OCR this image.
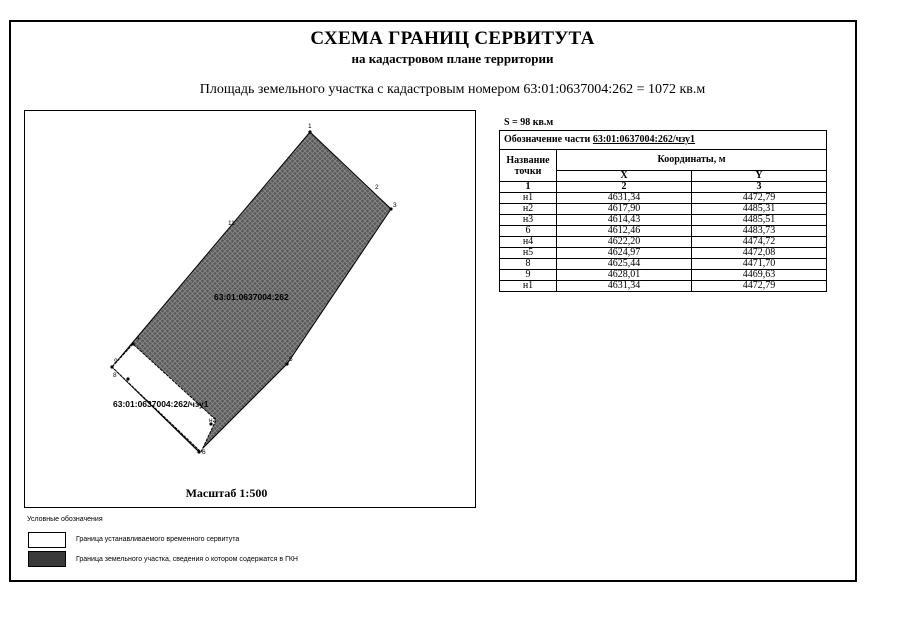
СХЕМА ГРАНИЦ СЕРВИТУТА
на кадастровом плане территории
Площадь земельного участка с кадастровым номером 63:01:0637004:262 = 1072 кв.м
1
2
3
11
4
5
9
8
н2
6
63:01:0637004:262
63:01:0637004:262/чзу1
Масштаб 1:500
S = 98 кв.м
Обозначение части 63:01:0637004:262/чзу1		
Название точки	Координаты, м	
	X	Y
1	2	3
н1	4631,34	4472,79
н2	4617,90	4485,31
н3	4614,43	4485,51
6	4612,46	4483,73
н4	4622,20	4474,72
н5	4624,97	4472,08
8	4625,44	4471,70
9	4628,01	4469,63
н1	4631,34	4472,79
Условные обозначения
Граница устанавливаемого временного сервитута
Граница земельного участка, сведения о котором содержатся в ГКН
